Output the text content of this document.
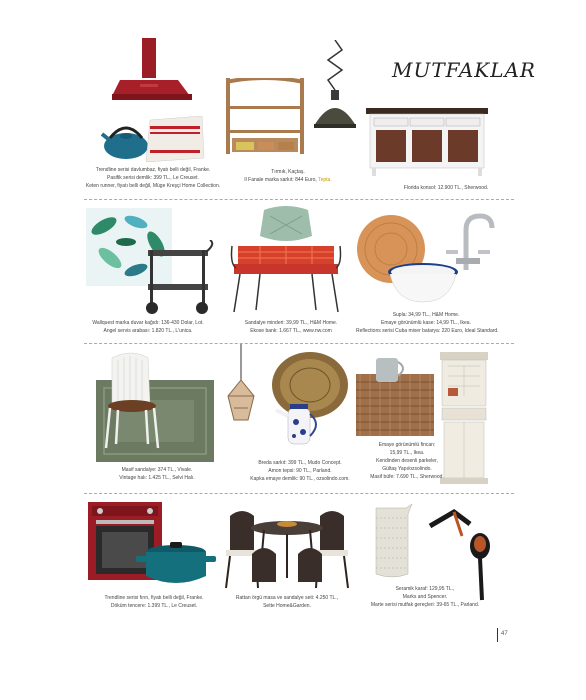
MUTFAKLAR
Trendline serisi davlumbaz, fiyatı belli değil, Franke.
Pasifik serisi demlik: 399 TL., Le Creuset.
Keten runner, fiyatı belli değil, Müge Kreşçi Home Collection.
Tırmık, Kaçtaş.
Il Fanale marka sarkıt: 844 Euro, Tepta.
Florida konsol: 12.900 TL., Sherwood.
Wallquest marka duvar kağıdı: 136-430 Dolar, Lot.
Angel servis arabası: 1.820 TL., L'unica.
Sandalye minderi: 39,99 TL., H&M Home.
Ekose bank: 1.667 TL., www.nw.com
Supla: 34,99 TL., H&M Home.
Emaye görünümlü kase: 14,99 TL., Ikea.
Reflections serisi Cuba mixer batarya: 220 Euro, Ideal Standard.
Masif sandalye: 374 TL., Vivale.
Vintage halı: 1.425 TL., Selvi Halı.
Breda sarkıt: 399 TL., Mudo Concept.
Amon tepsi: 90 TL., Parland.
Kapka emaye demlik: 90 TL., ozsolindo.com.
Emaye görünümlü fincan:
15,99 TL., Ikea.
Kendinden desenli parkeler,
Gültaş Yapı/ozsolindo.
Masif büfe: 7.690 TL., Sherwood.
Trendline serisi fırın, fiyatı belli değil, Franke.
Döküm tencere: 1.399 TL., Le Creuset.
Rattan örgü masa ve sandalye seti: 4.250 TL.,
Sette Home&Garden.
Seramik karaf: 129,95 TL.,
Marks and Spencer.
Marte serisi mutfak gereçleri: 39-65 TL., Parland.
47
